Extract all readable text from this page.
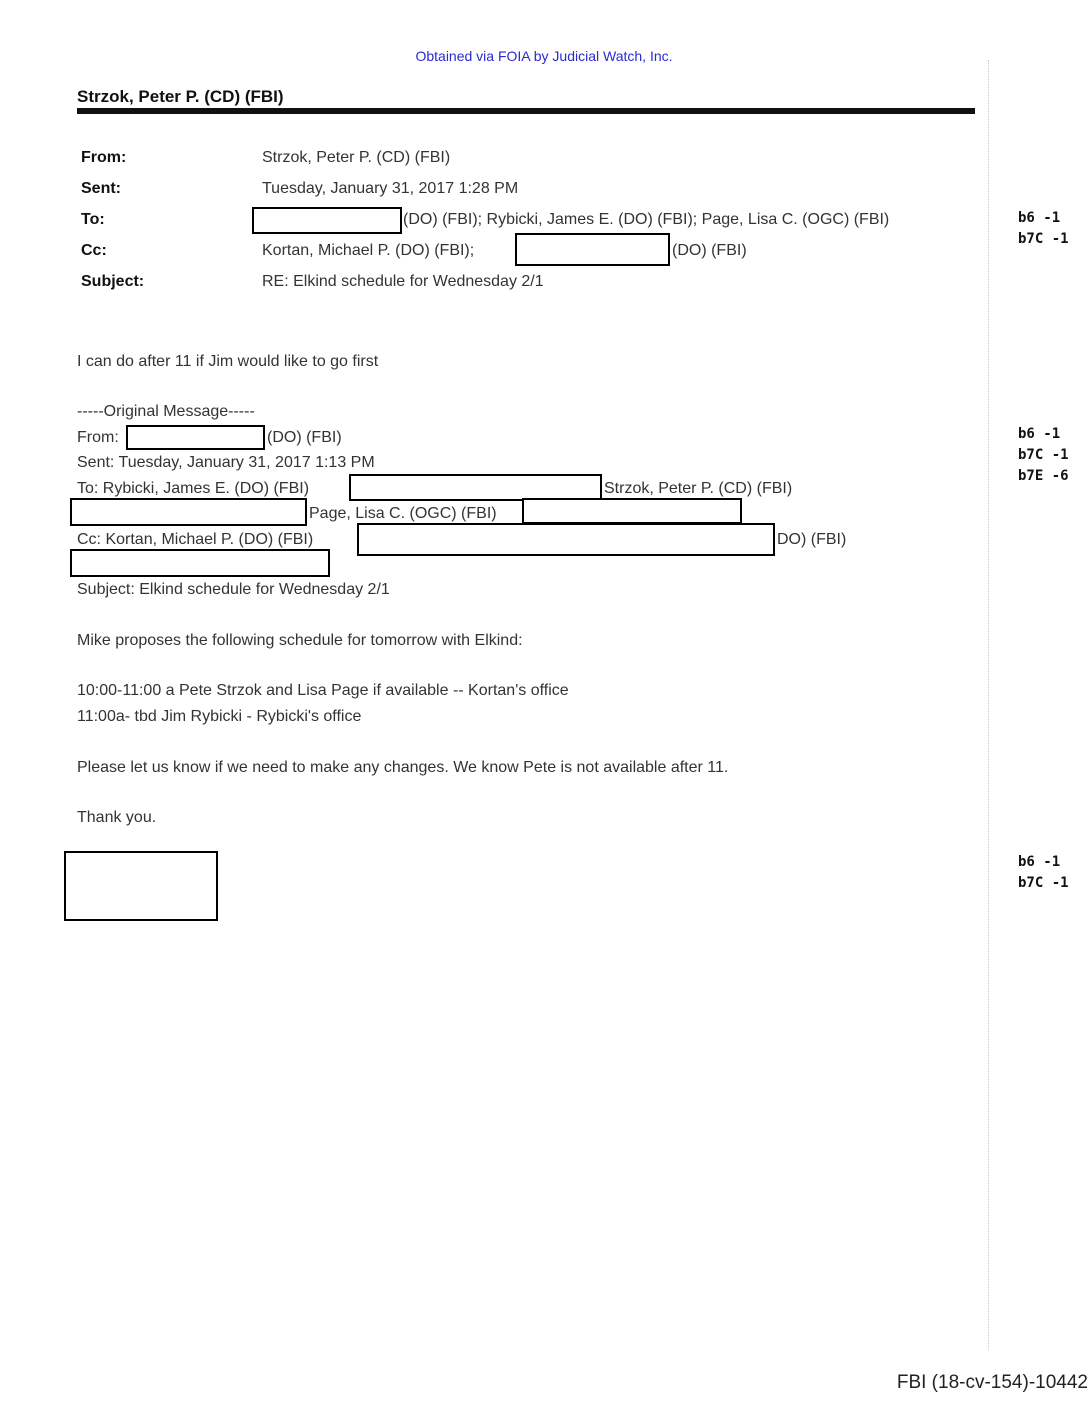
Obtained via FOIA by Judicial Watch, Inc.
Strzok, Peter P. (CD) (FBI)
From:	Strzok, Peter P. (CD) (FBI)
Sent:	Tuesday, January 31, 2017 1:28 PM
To:	(DO) (FBI); Rybicki, James E. (DO) (FBI); Page, Lisa C. (OGC) (FBI)
Cc:	Kortan, Michael P. (DO) (FBI);	(DO) (FBI)
Subject:	RE: Elkind schedule for Wednesday 2/1
b6 -1
b7C -1
I can do after 11 if Jim would like to go first
-----Original Message-----
From:	(DO) (FBI)
Sent: Tuesday, January 31, 2017 1:13 PM
To: Rybicki, James E. (DO) (FBI)	Strzok, Peter P. (CD) (FBI)
Page, Lisa C. (OGC) (FBI)
Cc: Kortan, Michael P. (DO) (FBI)	DO) (FBI)
Subject: Elkind schedule for Wednesday 2/1
Mike proposes the following schedule for tomorrow with Elkind:
10:00-11:00 a Pete Strzok and Lisa Page if available -- Kortan's office
11:00a- tbd Jim Rybicki - Rybicki's office
Please let us know if we need to make any changes. We know Pete is not available after 11.
Thank you.
b6 -1
b7C -1
b7E -6
b6 -1
b7C -1
FBI (18-cv-154)-10442
